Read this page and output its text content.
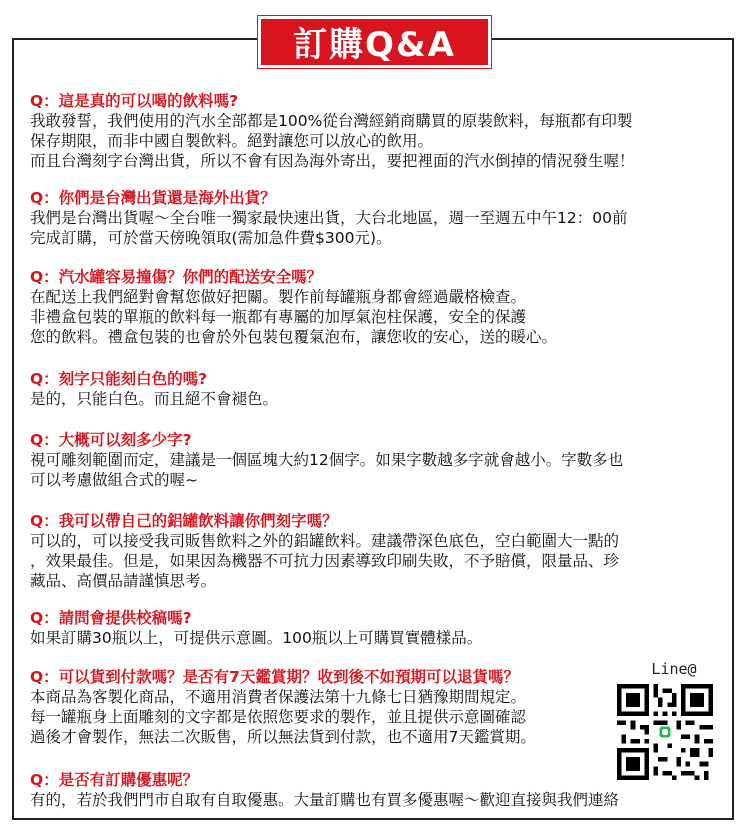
訂購Q&A
Q：這是真的可以喝的飲料嗎?
我敢發誓，我們使用的汽水全部都是100%從台灣經銷商購買的原裝飲料，每瓶都有印製
保存期限，而非中國自製飲料。絕對讓您可以放心的飲用。
而且台灣刻字台灣出貨，所以不會有因為海外寄出，要把裡面的汽水倒掉的情況發生喔！
Q：你們是台灣出貨還是海外出貨？
我們是台灣出貨喔～全台唯一獨家最快速出貨，大台北地區，週一至週五中午12：00前
完成訂購，可於當天傍晚領取(需加急件費$300元)。
Q：汽水罐容易撞傷？你們的配送安全嗎？
在配送上我們絕對會幫您做好把關。製作前每罐瓶身都會經過嚴格檢查。
非禮盒包裝的單瓶的飲料每一瓶都有專屬的加厚氣泡柱保護，安全的保護
您的飲料。禮盒包裝的也會於外包裝包覆氣泡布，讓您收的安心，送的暖心。
Q：刻字只能刻白色的嗎?
是的，只能白色。而且絕不會褪色。
Q：大概可以刻多少字?
視可雕刻範圍而定，建議是一個區塊大約12個字。如果字數越多字就會越小。字數多也
可以考慮做組合式的喔~
Q：我可以帶自己的鋁罐飲料讓你們刻字嗎？
可以的，可以接受我司販售飲料之外的鋁罐飲料。建議帶深色底色，空白範圍大一點的
，效果最佳。但是，如果因為機器不可抗力因素導致印刷失敗，不予賠償，限量品、珍
藏品、高價品請謹慎思考。
Q：請問會提供校稿嗎?
如果訂購30瓶以上，可提供示意圖。100瓶以上可購買實體樣品。
Q：可以貨到付款嗎？是否有7天鑑賞期？收到後不如預期可以退貨嗎？
本商品為客製化商品，不適用消費者保護法第十九條七日猶豫期間規定。
每一罐瓶身上面雕刻的文字都是依照您要求的製作，並且提供示意圖確認
過後才會製作，無法二次販售，所以無法貨到付款，也不適用7天鑑賞期。
Q：是否有訂購優惠呢？
有的，若於我們門市自取有自取優惠。大量訂購也有買多優惠喔～歡迎直接與我們連絡
Line@
